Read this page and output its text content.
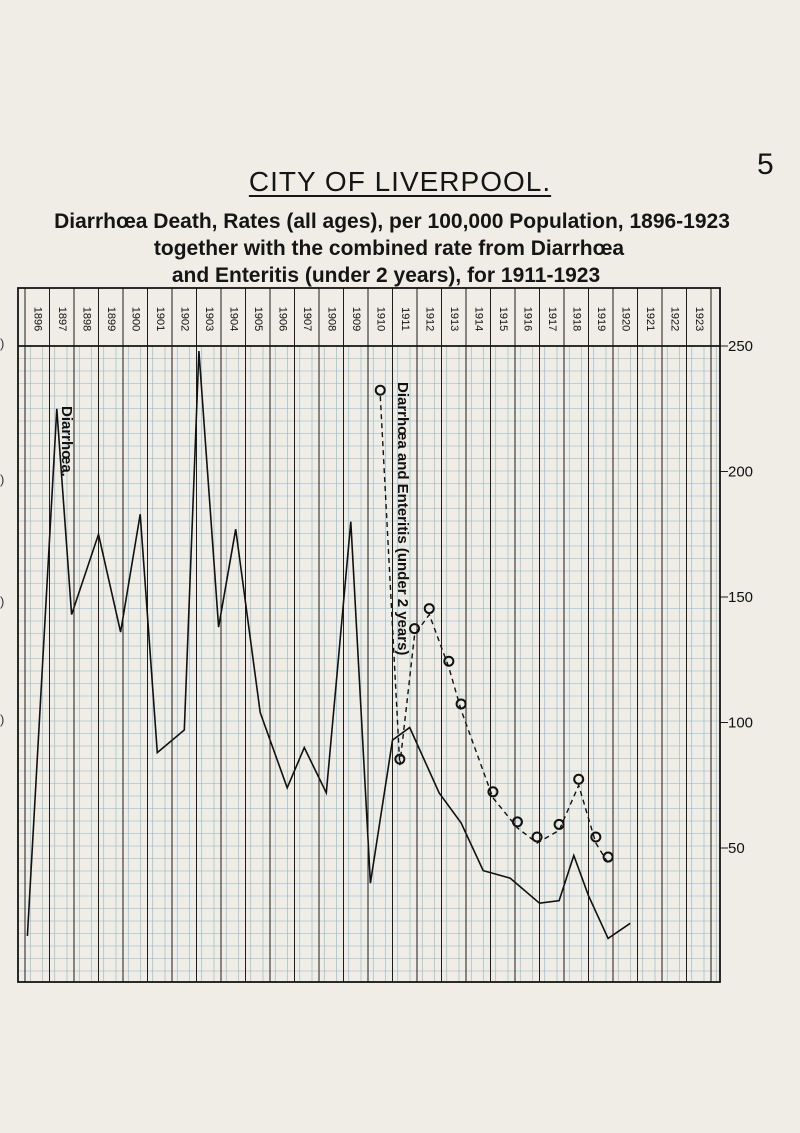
5
CITY OF LIVERPOOL.
Diarrhœa Death, Rates (all ages), per 100,000 Population, 1896-1923
together with the combined rate from Diarrhœa
and Enteritis (under 2 years), for 1911-1923
1896 1897 1898 1899 1900 1901 1902 1903 1904 1905 1906 1907 1908 1909 1910 1911 1912 1913 1914 1915 1916 1917 1918 1919 1920 1921 1922 1923
250
200
150
100
50
Diarrhœa.	Diarrhœa and Enteritis (under 2 years)
)
)
)
)
